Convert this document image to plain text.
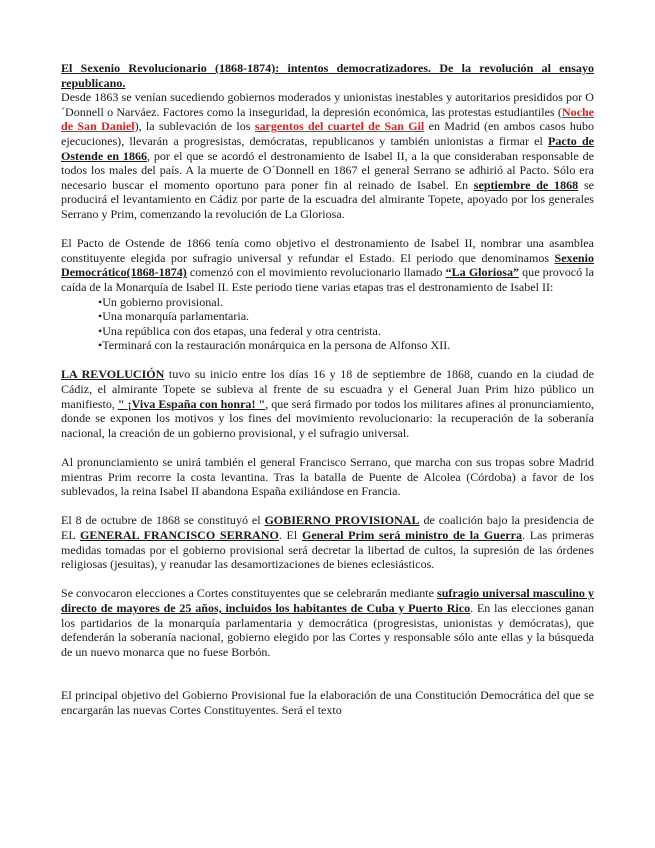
El Sexenio Revolucionario (1868-1874): intentos democratizadores. De la revolución al ensayo republicano.

Desde 1863 se venían sucediendo gobiernos moderados y unionistas inestables y autoritarios presididos por O´Donnell o Narváez. Factores como la inseguridad, la depresión económica, las protestas estudiantiles (Noche de San Daniel), la sublevación de los sargentos del cuartel de San Gil en Madrid (en ambos casos hubo ejecuciones), llevarán a progresistas, demócratas, republicanos y también unionistas a firmar el Pacto de Ostende en 1866, por el que se acordó el destronamiento de Isabel II, a la que consideraban responsable de todos los males del país. A la muerte de O´Donnell en 1867 el general Serrano se adhirió al Pacto. Sólo era necesario buscar el momento oportuno para poner fin al reinado de Isabel. En septiembre de 1868 se producirá el levantamiento en Cádiz por parte de la escuadra del almirante Topete, apoyado por los generales Serrano y Prim, comenzando la revolución de La Gloriosa.

El Pacto de Ostende de 1866 tenía como objetivo el destronamiento de Isabel II, nombrar una asamblea constituyente elegida por sufragio universal y refundar el Estado. El periodo que denominamos Sexenio Democrático(1868-1874) comenzó con el movimiento revolucionario llamado “La Gloriosa” que provocó la caída de la Monarquía de Isabel II. Este periodo tiene varias etapas tras el destronamiento de Isabel II:

• Un gobierno provisional.
• Una monarquía parlamentaria.
• Una república con dos etapas, una federal y otra centrista.
• Terminará con la restauración monárquica en la persona de Alfonso XII.

LA REVOLUCIÓN tuvo su inicio entre los días 16 y 18 de septiembre de 1868, cuando en la ciudad de Cádiz, el almirante Topete se subleva al frente de su escuadra y el General Juan Prim hizo público un manifiesto, " ¡Viva España con honra! ", que será firmado por todos los militares afines al pronunciamiento, donde se exponen los motivos y los fines del movimiento revolucionario: la recuperación de la soberanía nacional, la creación de un gobierno provisional, y el sufragio universal.

Al pronunciamiento se unirá también el general Francisco Serrano, que marcha con sus tropas sobre Madrid mientras Prim recorre la costa levantina. Tras la batalla de Puente de Alcolea (Córdoba) a favor de los sublevados, la reina Isabel II abandona España exiliándose en Francia.

El 8 de octubre de 1868 se constituyó el GOBIERNO PROVISIONAL de coalición bajo la presidencia de EL GENERAL FRANCISCO SERRANO. El General Prim será ministro de la Guerra. Las primeras medidas tomadas por el gobierno provisional será decretar la libertad de cultos, la supresión de las órdenes religiosas (jesuitas), y reanudar las desamortizaciones de bienes eclesiásticos.

Se convocaron elecciones a Cortes constituyentes que se celebrarán mediante sufragio universal masculino y directo de mayores de 25 años, incluidos los habitantes de Cuba y Puerto Rico. En las elecciones ganan los partidarios de la monarquía parlamentaria y democrática (progresistas, unionistas y demócratas), que defenderán la soberanía nacional, gobierno elegido por las Cortes y responsable sólo ante ellas y la búsqueda de un nuevo monarca que no fuese Borbón.

El principal objetivo del Gobierno Provisional fue la elaboración de una Constitución Democrática del que se encargarán las nuevas Cortes Constituyentes. Será el texto
